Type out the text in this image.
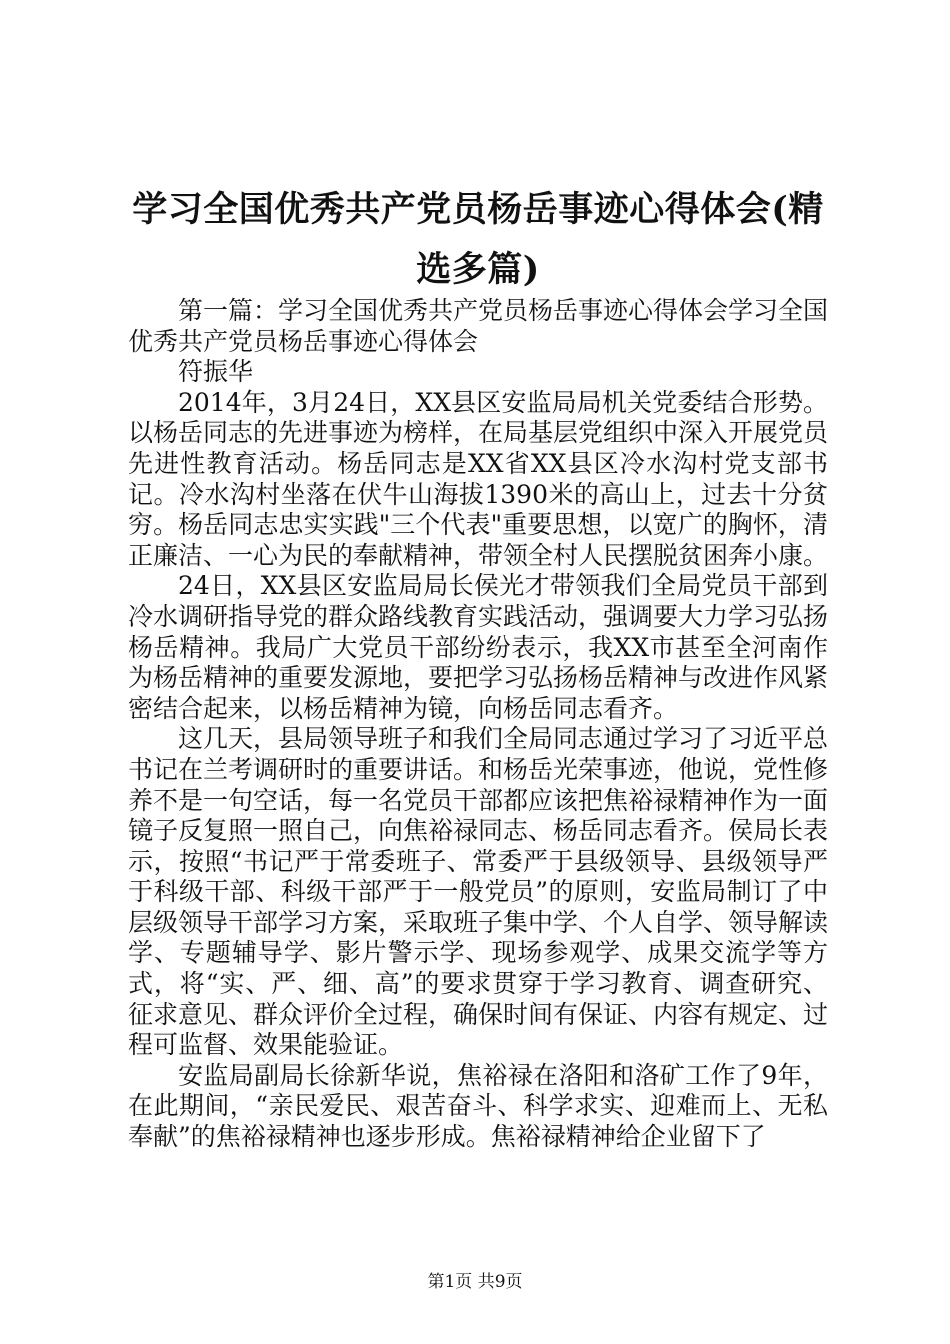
学习全国优秀共产党员杨岳事迹心得体会(精选多篇)

第一篇：学习全国优秀共产党员杨岳事迹心得体会学习全国优秀共产党员杨岳事迹心得体会

符振华

2014年，3月24日，XX县区安监局局机关党委结合形势。以杨岳同志的先进事迹为榜样，在局基层党组织中深入开展党员先进性教育活动。杨岳同志是XX省XX县区冷水沟村党支部书记。冷水沟村坐落在伏牛山海拔1390米的高山上，过去十分贫穷。杨岳同志忠实实践"三个代表"重要思想，以宽广的胸怀，清正廉洁、一心为民的奉献精神，带领全村人民摆脱贫困奔小康。

24日，XX县区安监局局长侯光才带领我们全局党员干部到冷水调研指导党的群众路线教育实践活动，强调要大力学习弘扬杨岳精神。我局广大党员干部纷纷表示，我XX市甚至全河南作为杨岳精神的重要发源地，要把学习弘扬杨岳精神与改进作风紧密结合起来，以杨岳精神为镜，向杨岳同志看齐。

这几天，县局领导班子和我们全局同志通过学习了习近平总书记在兰考调研时的重要讲话。和杨岳光荣事迹，他说，党性修养不是一句空话，每一名党员干部都应该把焦裕禄精神作为一面镜子反复照一照自己，向焦裕禄同志、杨岳同志看齐。侯局长表示，按照“书记严于常委班子、常委严于县级领导、县级领导严于科级干部、科级干部严于一般党员”的原则，安监局制订了中层级领导干部学习方案，采取班子集中学、个人自学、领导解读学、专题辅导学、影片警示学、现场参观学、成果交流学等方式，将“实、严、细、高”的要求贯穿于学习教育、调查研究、征求意见、群众评价全过程，确保时间有保证、内容有规定、过程可监督、效果能验证。

安监局副局长徐新华说，焦裕禄在洛阳和洛矿工作了9年，在此期间，“亲民爱民、艰苦奋斗、科学求实、迎难而上、无私奉献”的焦裕禄精神也逐步形成。焦裕禄精神给企业留下了

第1页 共9页
